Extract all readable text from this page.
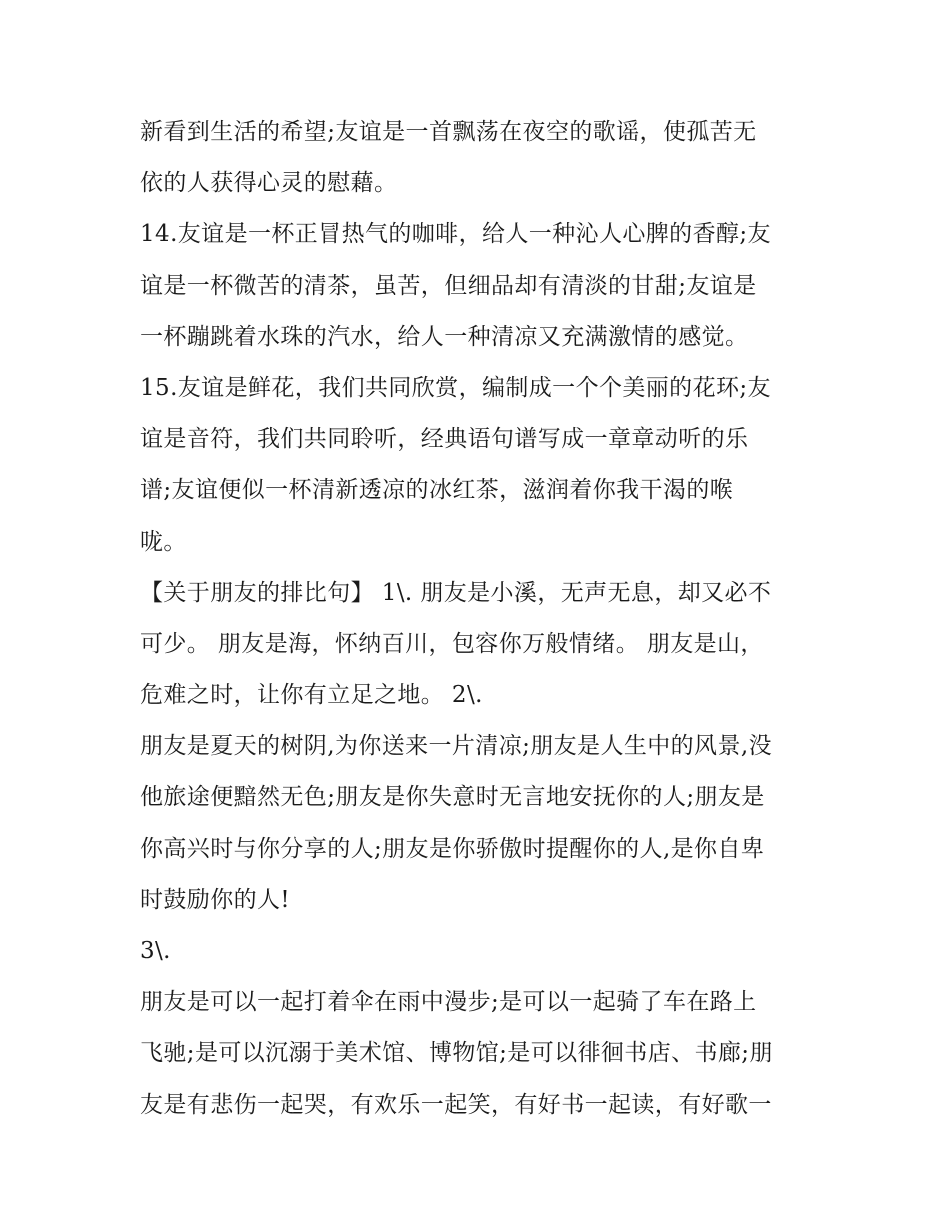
新看到生活的希望;友谊是一首飘荡在夜空的歌谣，使孤苦无
依的人获得心灵的慰藉。
14.友谊是一杯正冒热气的咖啡，给人一种沁人心脾的香醇;友
谊是一杯微苦的清茶，虽苦，但细品却有清淡的甘甜;友谊是
一杯蹦跳着水珠的汽水，给人一种清凉又充满激情的感觉。
15.友谊是鲜花，我们共同欣赏，编制成一个个美丽的花环;友
谊是音符，我们共同聆听，经典语句谱写成一章章动听的乐
谱;友谊便似一杯清新透凉的冰红茶，滋润着你我干渴的喉
咙。
【关于朋友的排比句】 1\. 朋友是小溪，无声无息，却又必不
可少。 朋友是海，怀纳百川，包容你万般情绪。 朋友是山，
危难之时，让你有立足之地。 2\.
朋友是夏天的树阴,为你送来一片清凉;朋友是人生中的风景,没
他旅途便黯然无色;朋友是你失意时无言地安抚你的人;朋友是
你高兴时与你分享的人;朋友是你骄傲时提醒你的人,是你自卑
时鼓励你的人!
3\.
朋友是可以一起打着伞在雨中漫步;是可以一起骑了车在路上
飞驰;是可以沉溺于美术馆、博物馆;是可以徘徊书店、书廊;朋
友是有悲伤一起哭，有欢乐一起笑，有好书一起读，有好歌一
